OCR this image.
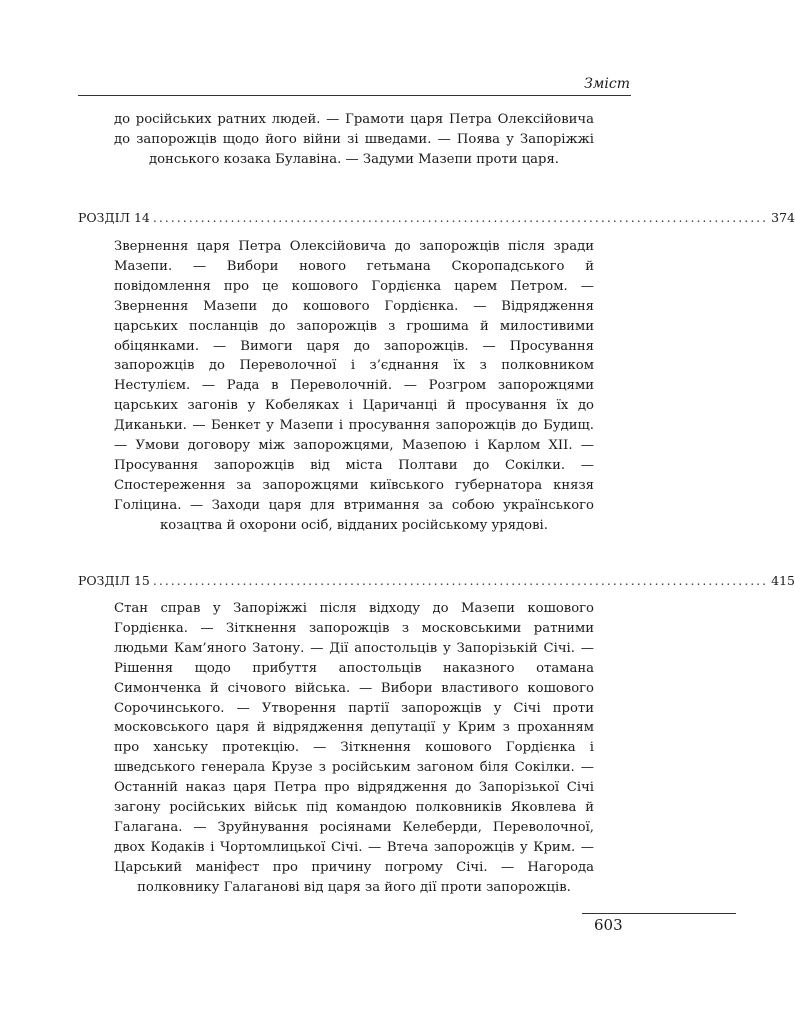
Зміст

до російських ратних людей. — Грамоти царя Петра Олексійовича до запорожців щодо його війни зі шведами. — Поява у Запоріжжі донського козака Булавіна. — Задуми Мазепи проти царя.

РОЗДІЛ 14 ....................................................................................................... 374

Звернення царя Петра Олексійовича до запорожців після зради Мазепи. — Вибори нового гетьмана Скоропадського й повідомлення про це кошового Гордієнка царем Петром. — Звернення Мазепи до кошового Гордієнка. — Відрядження царських посланців до запорожців з грошима й милостивими обіцянками. — Вимоги царя до запорожців. — Просування запорожців до Переволочної і з’єднання їх з полковником Нестулієм. — Рада в Переволочній. — Розгром запорожцями царських загонів у Кобеляках і Царичанці й просування їх до Диканьки. — Бенкет у Мазепи і просування запорожців до Будищ. — Умови договору між запорожцями, Мазепою і Карлом XII. — Просування запорожців від міста Полтави до Сокілки. — Спостереження за запорожцями київського губернатора князя Голіцина. — Заходи царя для втримання за собою українського козацтва й охорони осіб, відданих російському урядові.

РОЗДІЛ 15 ....................................................................................................... 415

Стан справ у Запоріжжі після відходу до Мазепи кошового Гордієнка. — Зіткнення запорожців з московськими ратними людьми Кам’яного Затону. — Дії апостольців у Запорізькій Січі. — Рішення щодо прибуття апостольців наказного отамана Симонченка й січового війська. — Вибори властивого кошового Сорочинського. — Утворення партії запорожців у Січі проти московського царя й відрядження депутації у Крим з проханням про ханську протекцію. — Зіткнення кошового Гордієнка і шведського генерала Крузе з російським загоном біля Сокілки. — Останній наказ царя Петра про відрядження до Запорізької Січі загону російських військ під командою полковників Яковлева й Галагана. — Зруйнування росіянами Келеберди, Переволочної, двох Кодаків і Чортомлицької Січі. — Втеча запорожців у Крим. — Царський маніфест про причину погрому Січі. — Нагорода полковнику Галагановi від царя за його дії проти запорожців.

603
